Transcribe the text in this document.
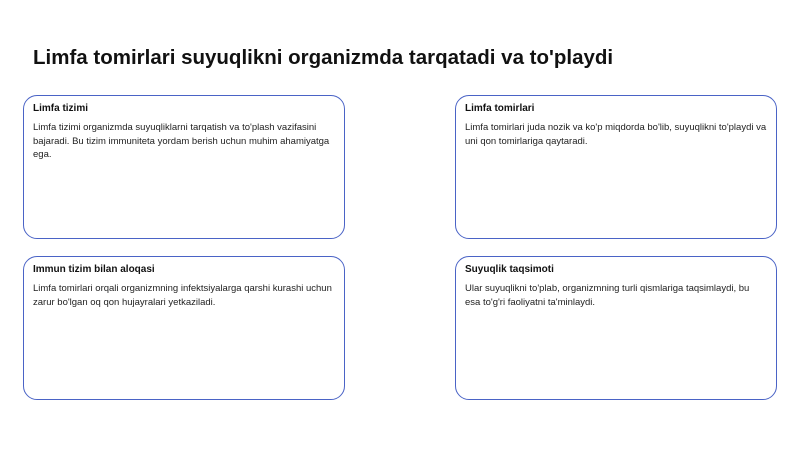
Limfa tomirlari suyuqlikni organizmda tarqatadi va to'playdi
Limfa tizimi
Limfa tizimi organizmda suyuqliklarni tarqatish va to'plash vazifasini bajaradi. Bu tizim immuniteta yordam berish uchun muhim ahamiyatga ega.
Limfa tomirlari
Limfa tomirlari juda nozik va ko'p miqdorda bo'lib, suyuqlikni to'playdi va uni qon tomirlariga qaytaradi.
Immun tizim bilan aloqasi
Limfa tomirlari orqali organizmning infektsiyalarga qarshi kurashi uchun zarur bo'lgan oq qon hujayralari yetkaziladi.
Suyuqlik taqsimoti
Ular suyuqlikni to'plab, organizmning turli qismlariga taqsimlaydi, bu esa to'g'ri faoliyatni ta'minlaydi.
